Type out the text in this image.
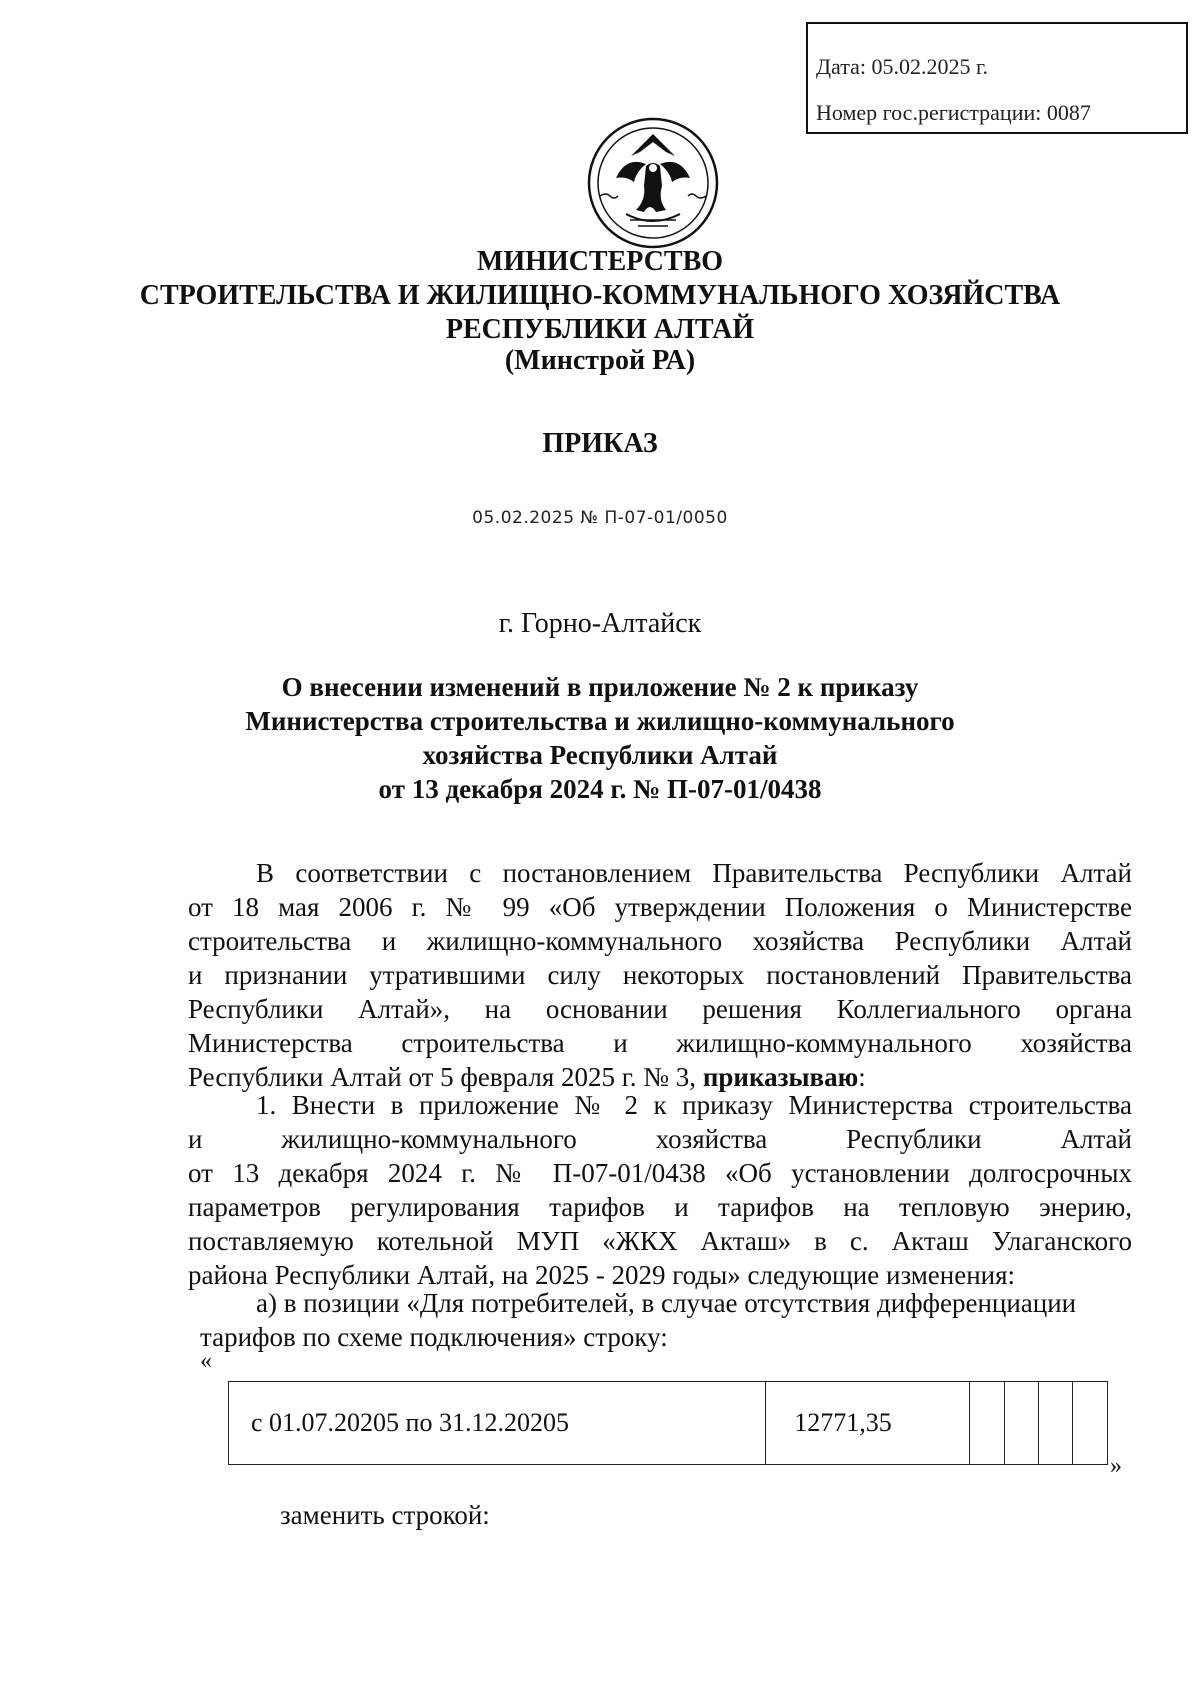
Дата: 05.02.2025 г.
Номер гос.регистрации: 0087
МИНИСТЕРСТВО
СТРОИТЕЛЬСТВА И ЖИЛИЩНО-КОММУНАЛЬНОГО ХОЗЯЙСТВА
РЕСПУБЛИКИ АЛТАЙ
(Минстрой РА)
ПРИКАЗ
05.02.2025 № П-07-01/0050
г. Горно-Алтайск
О внесении изменений в приложение № 2 к приказу
Министерства строительства и жилищно-коммунального
хозяйства Республики Алтай
от 13 декабря 2024 г. № П-07-01/0438
В соответствии с постановлением Правительства Республики Алтай
от 18 мая 2006 г. № 99 «Об утверждении Положения о Министерстве
строительства и жилищно-коммунального хозяйства Республики Алтай
и признании утратившими силу некоторых постановлений Правительства
Республики Алтай», на основании решения Коллегиального органа
Министерства строительства и жилищно-коммунального хозяйства
Республики Алтай от 5 февраля 2025 г. № 3, приказываю:
1. Внести в приложение № 2 к приказу Министерства строительства
и жилищно-коммунального хозяйства Республики Алтай
от 13 декабря 2024 г. № П-07-01/0438 «Об установлении долгосрочных
параметров регулирования тарифов и тарифов на тепловую энерию,
поставляемую котельной МУП «ЖКХ Акташ» в с. Акташ Улаганского
района Республики Алтай, на 2025 - 2029 годы» следующие изменения:
а) в позиции «Для потребителей, в случае отсутствия дифференциации
тарифов по схеме подключения» строку:
«
с 01.07.20205 по 31.12.20205	12771,35				
»
заменить строкой:
